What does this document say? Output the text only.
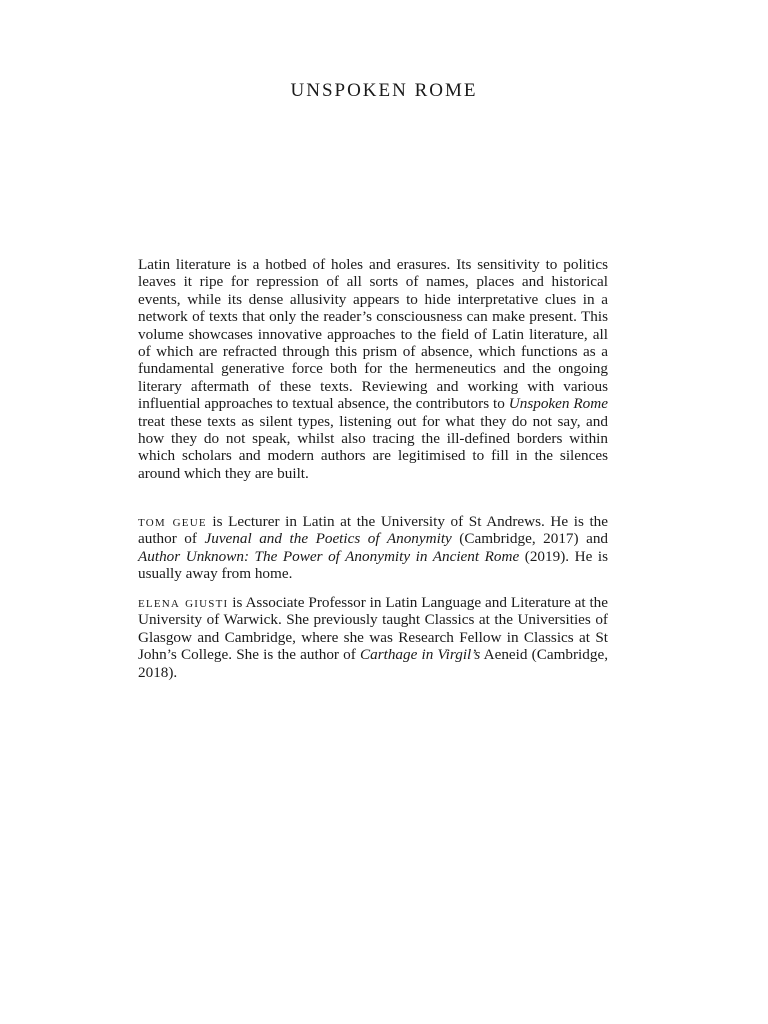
UNSPOKEN ROME

Latin literature is a hotbed of holes and erasures. Its sensitivity to politics leaves it ripe for repression of all sorts of names, places and historical events, while its dense allusivity appears to hide interpretative clues in a network of texts that only the reader’s consciousness can make present. This volume showcases innovative approaches to the field of Latin literature, all of which are refracted through this prism of absence, which functions as a fundamental generative force both for the hermeneutics and the ongoing literary aftermath of these texts. Reviewing and working with various influential approaches to textual absence, the contributors to Unspoken Rome treat these texts as silent types, listening out for what they do not say, and how they do not speak, whilst also tracing the ill-defined borders within which scholars and modern authors are legitimised to fill in the silences around which they are built.

tom geue is Lecturer in Latin at the University of St Andrews. He is the author of Juvenal and the Poetics of Anonymity (Cambridge, 2017) and Author Unknown: The Power of Anonymity in Ancient Rome (2019). He is usually away from home.

elena giusti is Associate Professor in Latin Language and Literature at the University of Warwick. She previously taught Classics at the Universities of Glasgow and Cambridge, where she was Research Fellow in Classics at St John’s College. She is the author of Carthage in Virgil’s Aeneid (Cambridge, 2018).
